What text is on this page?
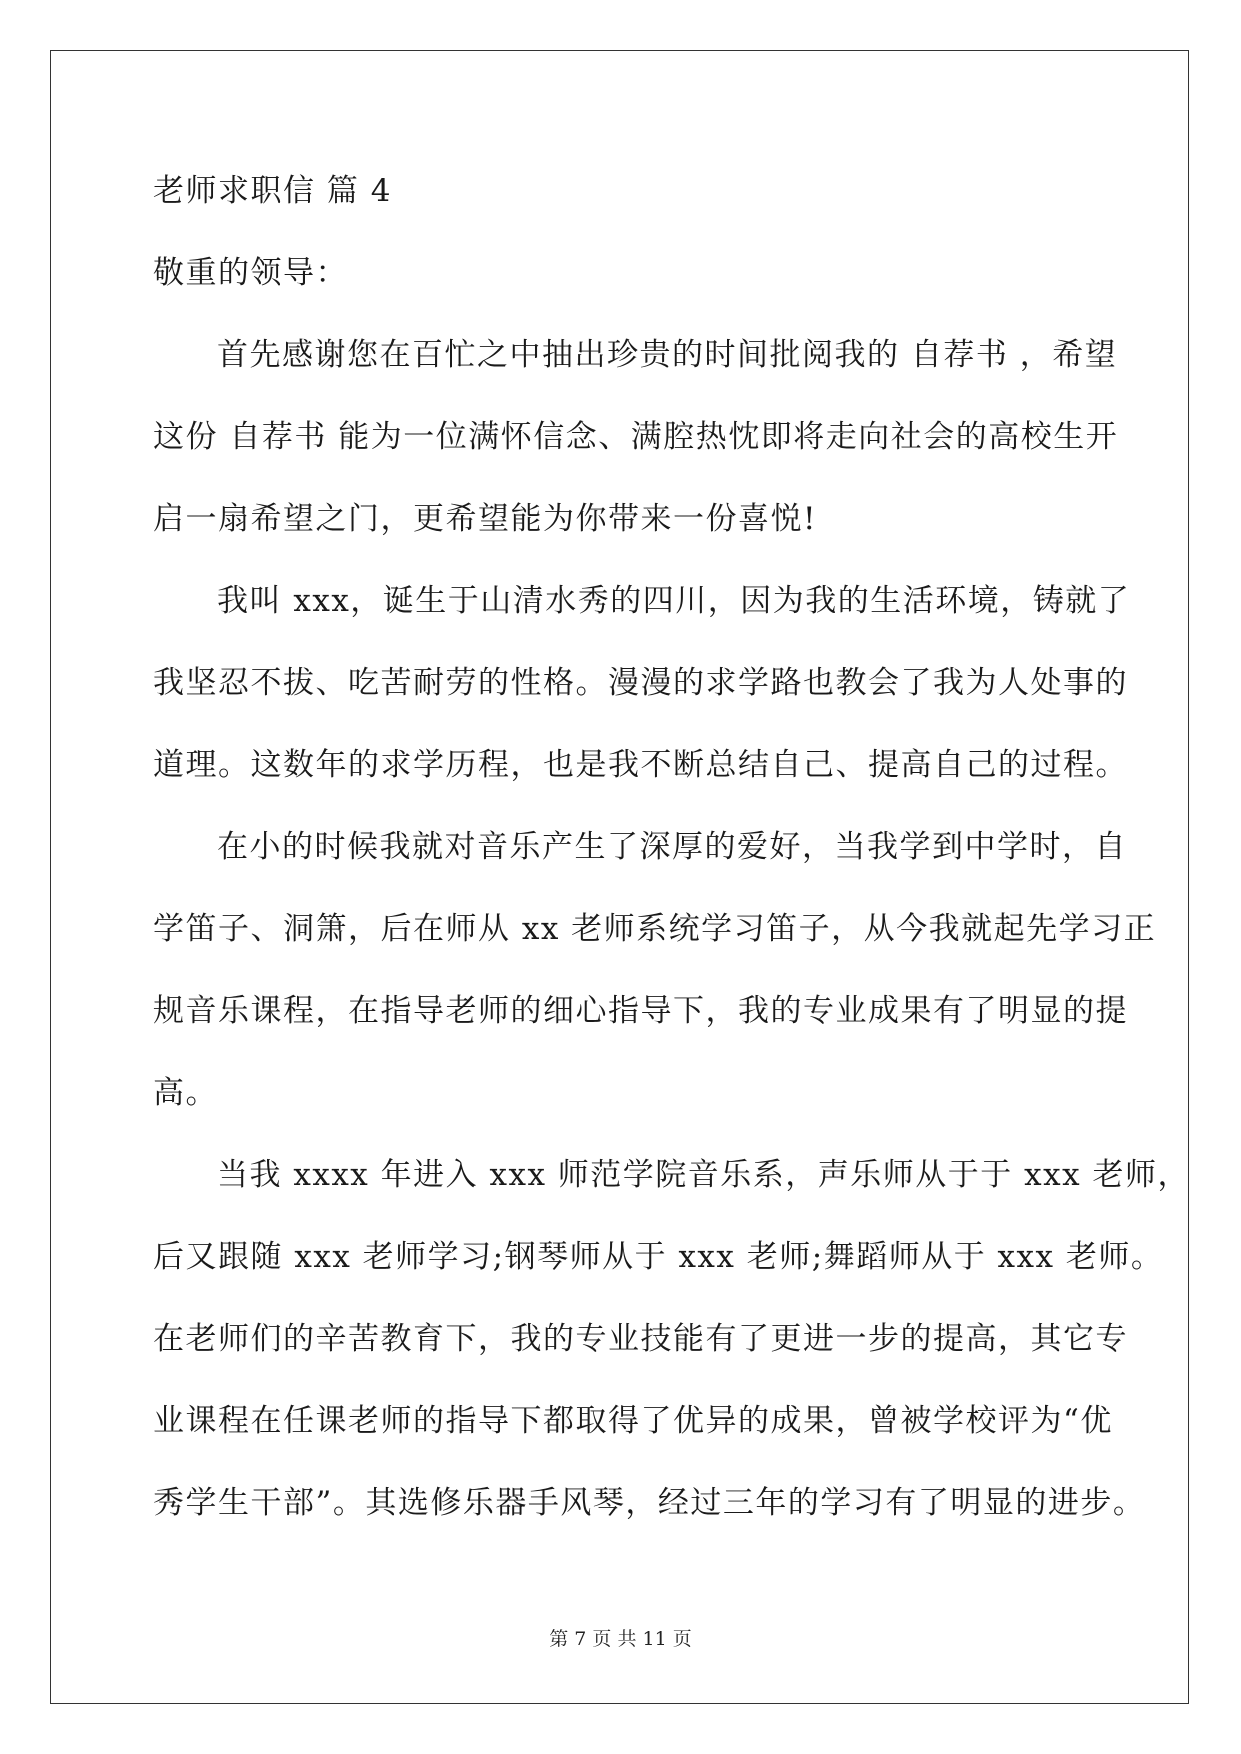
老师求职信 篇 4
敬重的领导：
首先感谢您在百忙之中抽出珍贵的时间批阅我的 自荐书 ，希望
这份 自荐书 能为一位满怀信念、满腔热忱即将走向社会的高校生开
启一扇希望之门，更希望能为你带来一份喜悦!
我叫 xxx，诞生于山清水秀的四川，因为我的生活环境，铸就了
我坚忍不拔、吃苦耐劳的性格。漫漫的求学路也教会了我为人处事的
道理。这数年的求学历程，也是我不断总结自己、提高自己的过程。
在小的时候我就对音乐产生了深厚的爱好，当我学到中学时，自
学笛子、洞箫，后在师从 xx 老师系统学习笛子，从今我就起先学习正
规音乐课程，在指导老师的细心指导下，我的专业成果有了明显的提
高。
当我 xxxx 年进入 xxx 师范学院音乐系，声乐师从于于 xxx 老师，
后又跟随 xxx 老师学习;钢琴师从于 xxx 老师;舞蹈师从于 xxx 老师。
在老师们的辛苦教育下，我的专业技能有了更进一步的提高，其它专
业课程在任课老师的指导下都取得了优异的成果，曾被学校评为“优
秀学生干部”。其选修乐器手风琴，经过三年的学习有了明显的进步。
第 7 页 共 11 页
